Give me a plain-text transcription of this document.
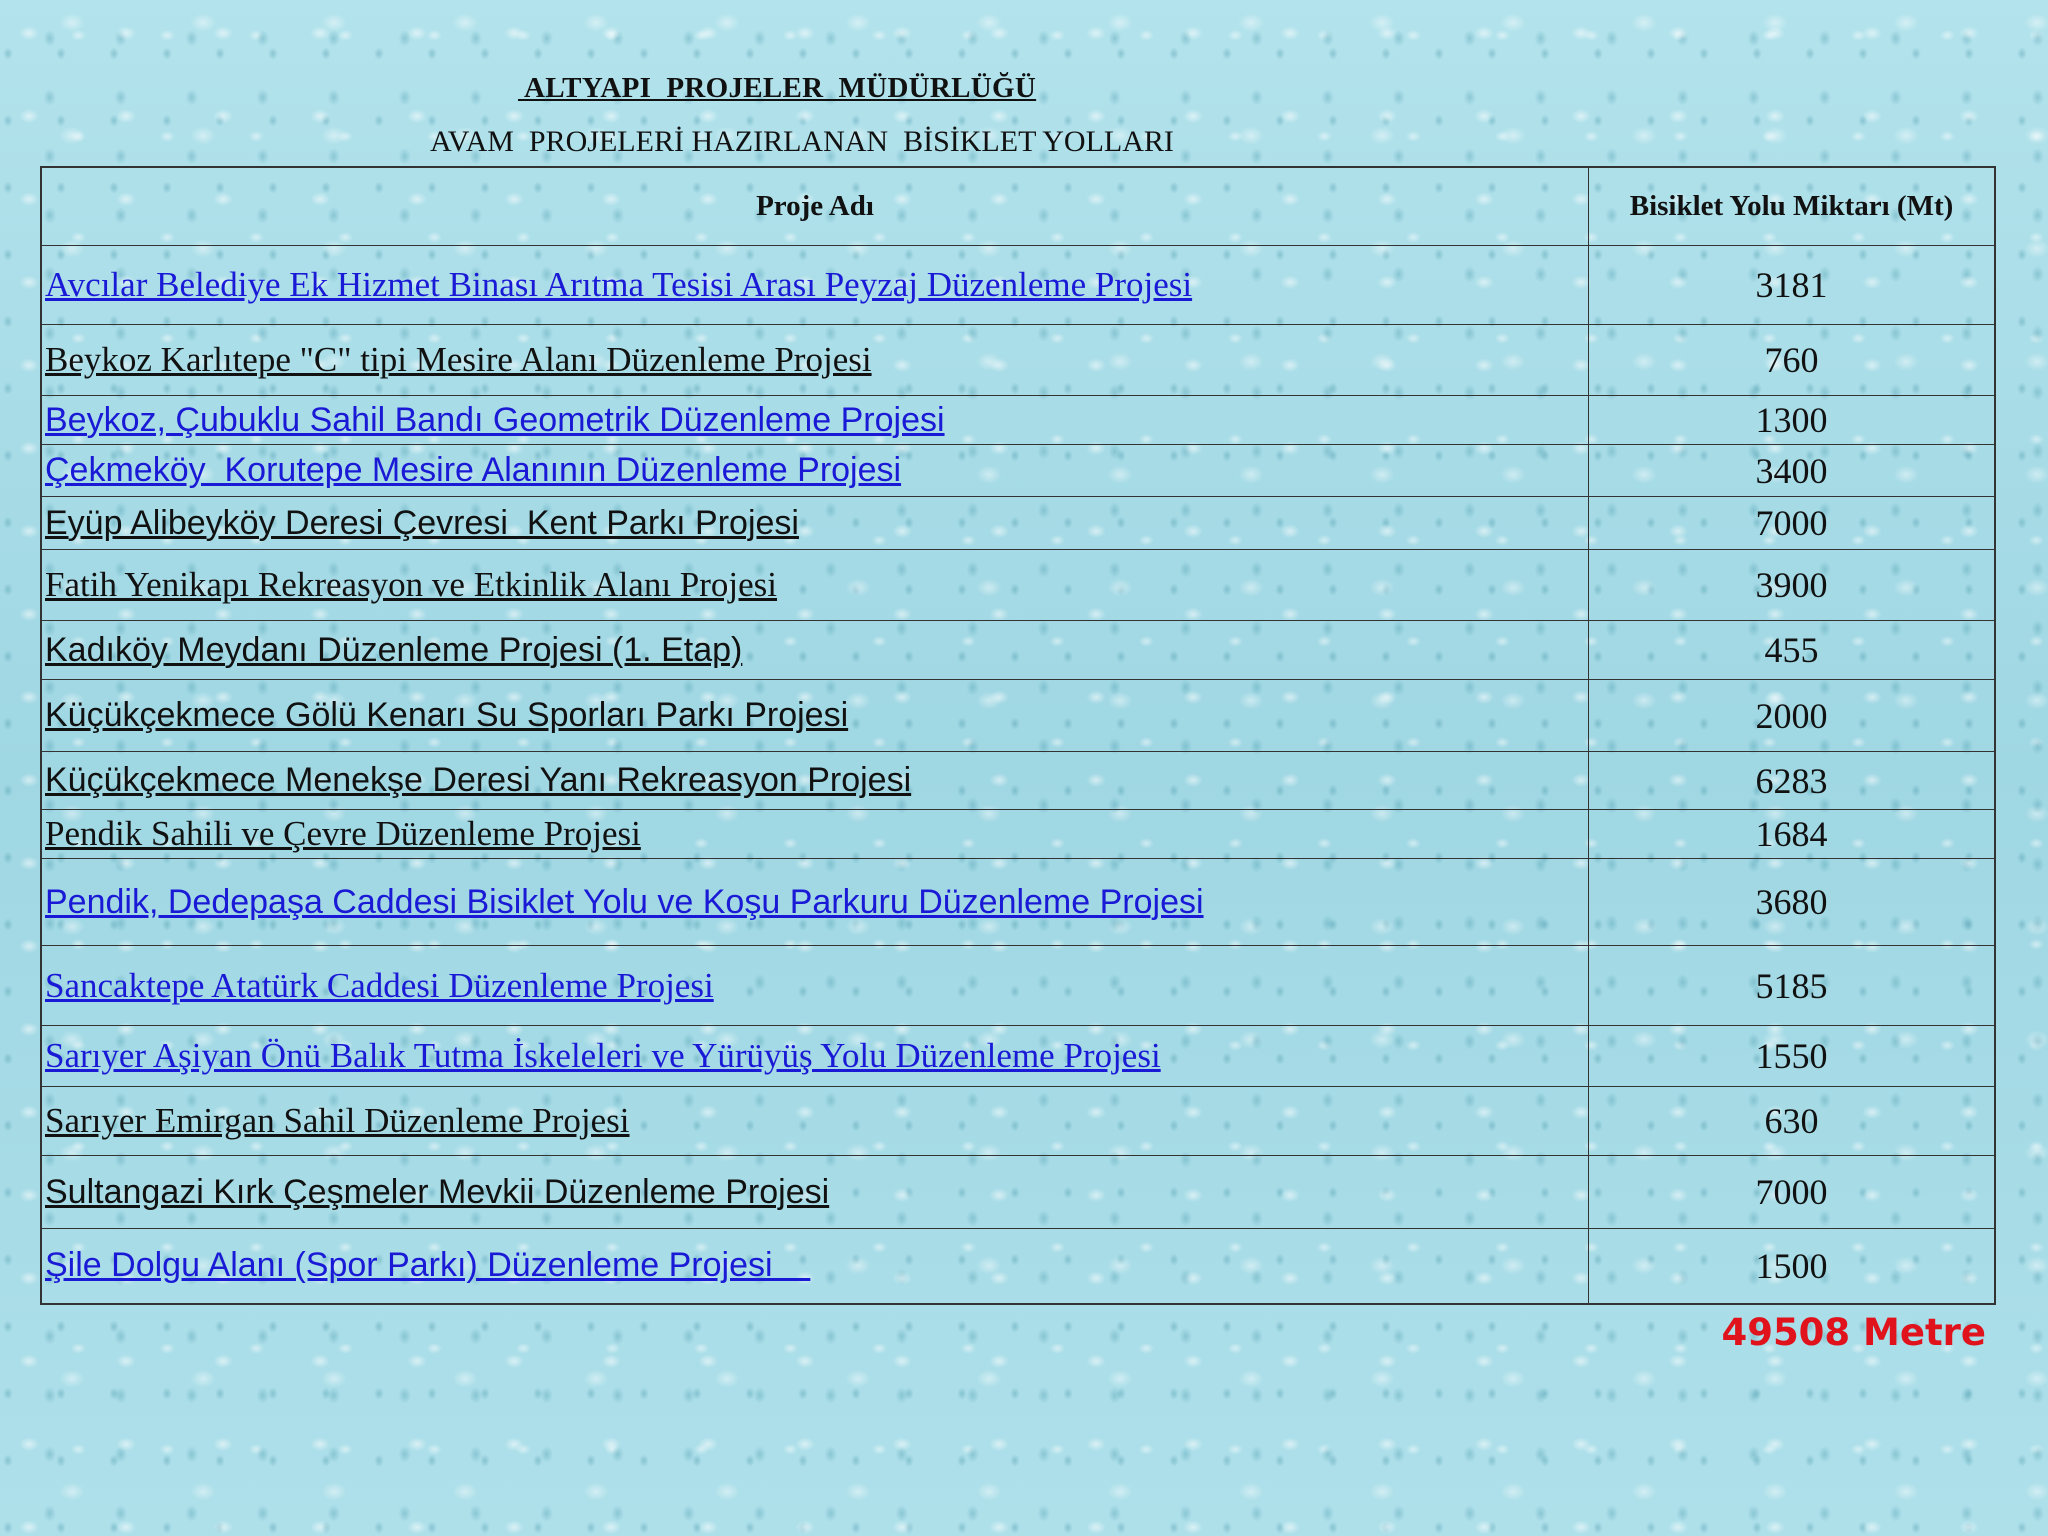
ALTYAPI  PROJELER  MÜDÜRLÜĞÜ
AVAM  PROJELERİ HAZIRLANAN  BİSİKLET YOLLARI
Proje Adı	Bisiklet Yolu Miktarı (Mt)
Avcılar Belediye Ek Hizmet Binası Arıtma Tesisi Arası Peyzaj Düzenleme Projesi	3181
Beykoz Karlıtepe "C" tipi Mesire Alanı Düzenleme Projesi	760
Beykoz, Çubuklu Sahil Bandı Geometrik Düzenleme Projesi	1300
Çekmeköy  Korutepe Mesire Alanının Düzenleme Projesi	3400
Eyüp Alibeyköy Deresi Çevresi  Kent Parkı Projesi	7000
Fatih Yenikapı Rekreasyon ve Etkinlik Alanı Projesi	3900
Kadıköy Meydanı Düzenleme Projesi (1. Etap)	455
Küçükçekmece Gölü Kenarı Su Sporları Parkı Projesi	2000
Küçükçekmece Menekşe Deresi Yanı Rekreasyon Projesi	6283
Pendik Sahili ve Çevre Düzenleme Projesi	1684
Pendik, Dedepaşa Caddesi Bisiklet Yolu ve Koşu Parkuru Düzenleme Projesi	3680
Sancaktepe Atatürk Caddesi Düzenleme Projesi	5185
Sarıyer Aşiyan Önü Balık Tutma İskeleleri ve Yürüyüş Yolu Düzenleme Projesi	1550
Sarıyer Emirgan Sahil Düzenleme Projesi	630
Sultangazi Kırk Çeşmeler Mevkii Düzenleme Projesi	7000
Şile Dolgu Alanı (Spor Parkı) Düzenleme Projesi	1500
49508 Metre
